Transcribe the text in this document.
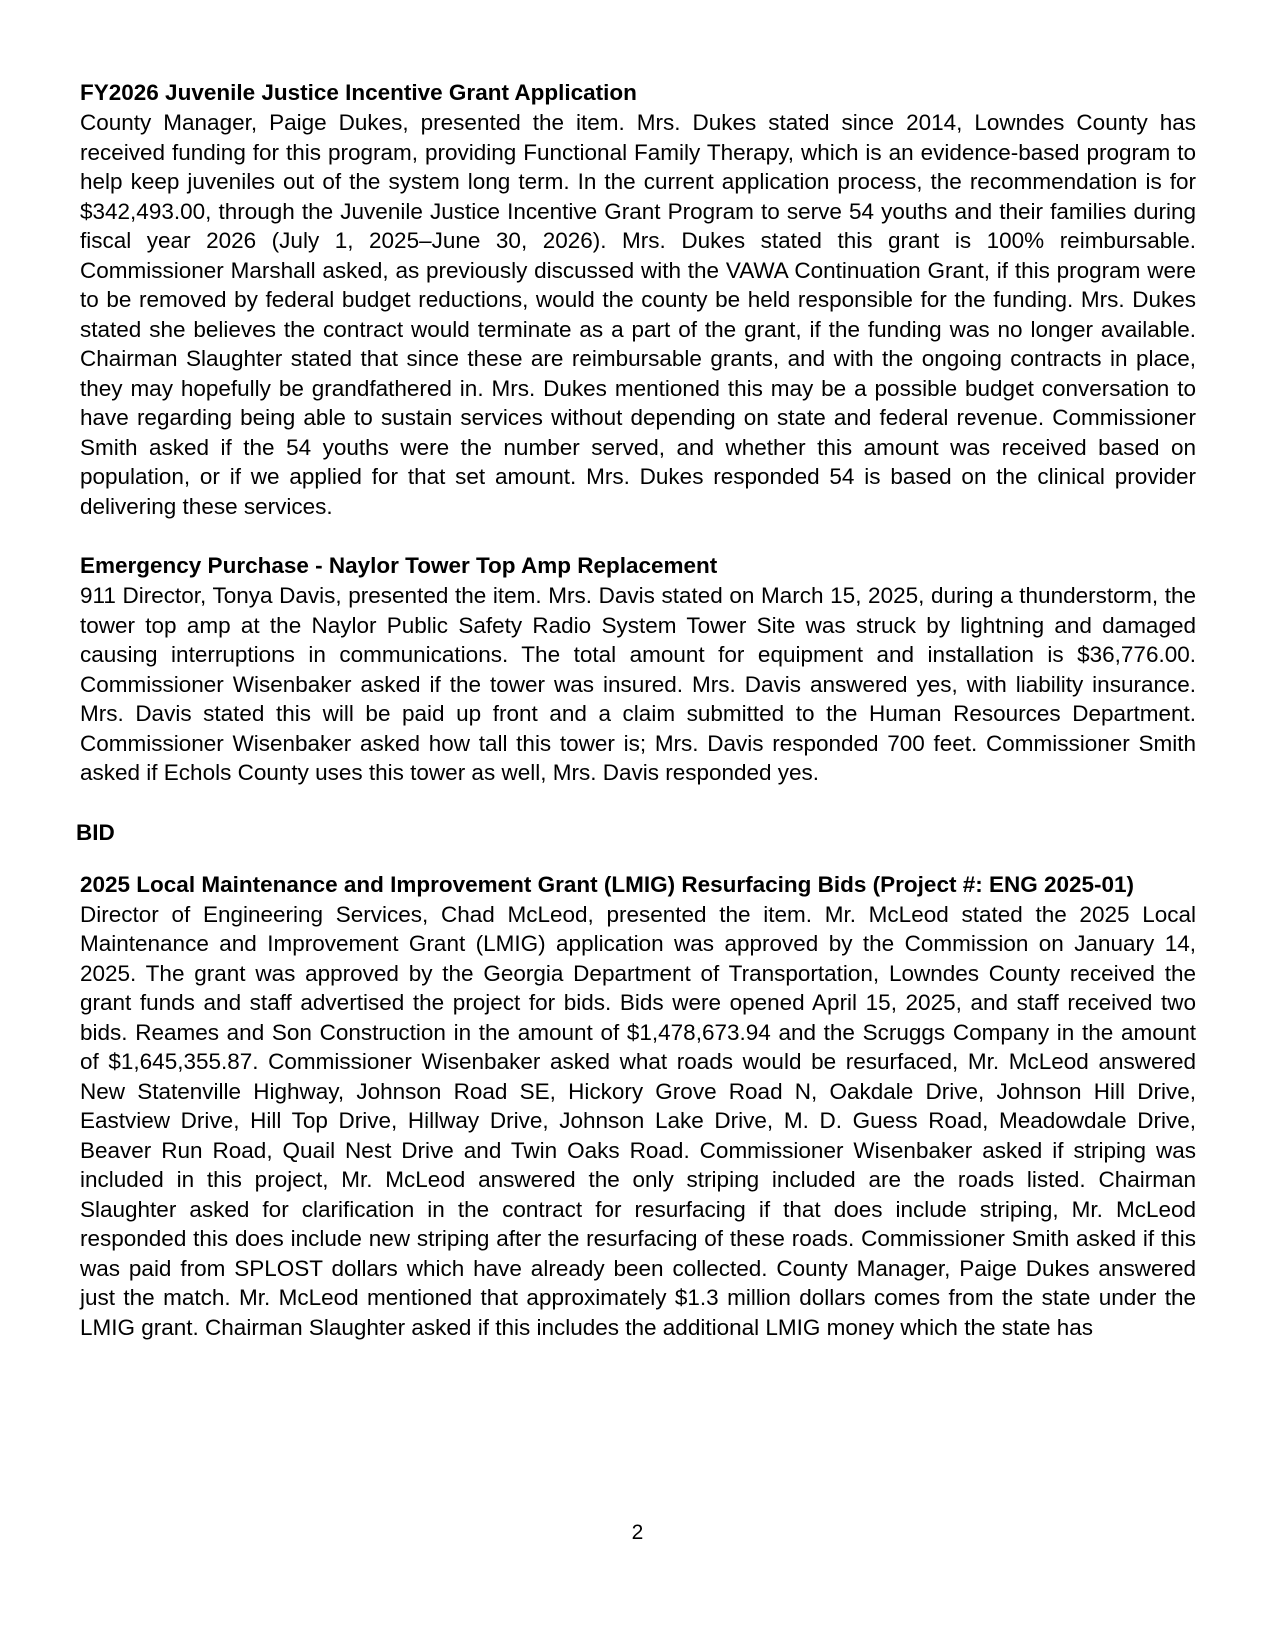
FY2026 Juvenile Justice Incentive Grant Application

County Manager, Paige Dukes, presented the item. Mrs. Dukes stated since 2014, Lowndes County has received funding for this program, providing Functional Family Therapy, which is an evidence-based program to help keep juveniles out of the system long term. In the current application process, the recommendation is for $342,493.00, through the Juvenile Justice Incentive Grant Program to serve 54 youths and their families during fiscal year 2026 (July 1, 2025–June 30, 2026). Mrs. Dukes stated this grant is 100% reimbursable. Commissioner Marshall asked, as previously discussed with the VAWA Continuation Grant, if this program were to be removed by federal budget reductions, would the county be held responsible for the funding. Mrs. Dukes stated she believes the contract would terminate as a part of the grant, if the funding was no longer available. Chairman Slaughter stated that since these are reimbursable grants, and with the ongoing contracts in place, they may hopefully be grandfathered in. Mrs. Dukes mentioned this may be a possible budget conversation to have regarding being able to sustain services without depending on state and federal revenue. Commissioner Smith asked if the 54 youths were the number served, and whether this amount was received based on population, or if we applied for that set amount. Mrs. Dukes responded 54 is based on the clinical provider delivering these services.

Emergency Purchase - Naylor Tower Top Amp Replacement

911 Director, Tonya Davis, presented the item. Mrs. Davis stated on March 15, 2025, during a thunderstorm, the tower top amp at the Naylor Public Safety Radio System Tower Site was struck by lightning and damaged causing interruptions in communications. The total amount for equipment and installation is $36,776.00. Commissioner Wisenbaker asked if the tower was insured. Mrs. Davis answered yes, with liability insurance. Mrs. Davis stated this will be paid up front and a claim submitted to the Human Resources Department. Commissioner Wisenbaker asked how tall this tower is; Mrs. Davis responded 700 feet. Commissioner Smith asked if Echols County uses this tower as well, Mrs. Davis responded yes.

BID

2025 Local Maintenance and Improvement Grant (LMIG) Resurfacing Bids (Project #: ENG 2025-01)

Director of Engineering Services, Chad McLeod, presented the item. Mr. McLeod stated the 2025 Local Maintenance and Improvement Grant (LMIG) application was approved by the Commission on January 14, 2025. The grant was approved by the Georgia Department of Transportation, Lowndes County received the grant funds and staff advertised the project for bids. Bids were opened April 15, 2025, and staff received two bids. Reames and Son Construction in the amount of $1,478,673.94 and the Scruggs Company in the amount of $1,645,355.87. Commissioner Wisenbaker asked what roads would be resurfaced, Mr. McLeod answered New Statenville Highway, Johnson Road SE, Hickory Grove Road N, Oakdale Drive, Johnson Hill Drive, Eastview Drive, Hill Top Drive, Hillway Drive, Johnson Lake Drive, M. D. Guess Road, Meadowdale Drive, Beaver Run Road, Quail Nest Drive and Twin Oaks Road. Commissioner Wisenbaker asked if striping was included in this project, Mr. McLeod answered the only striping included are the roads listed. Chairman Slaughter asked for clarification in the contract for resurfacing if that does include striping, Mr. McLeod responded this does include new striping after the resurfacing of these roads. Commissioner Smith asked if this was paid from SPLOST dollars which have already been collected. County Manager, Paige Dukes answered just the match. Mr. McLeod mentioned that approximately $1.3 million dollars comes from the state under the LMIG grant. Chairman Slaughter asked if this includes the additional LMIG money which the state has

2
